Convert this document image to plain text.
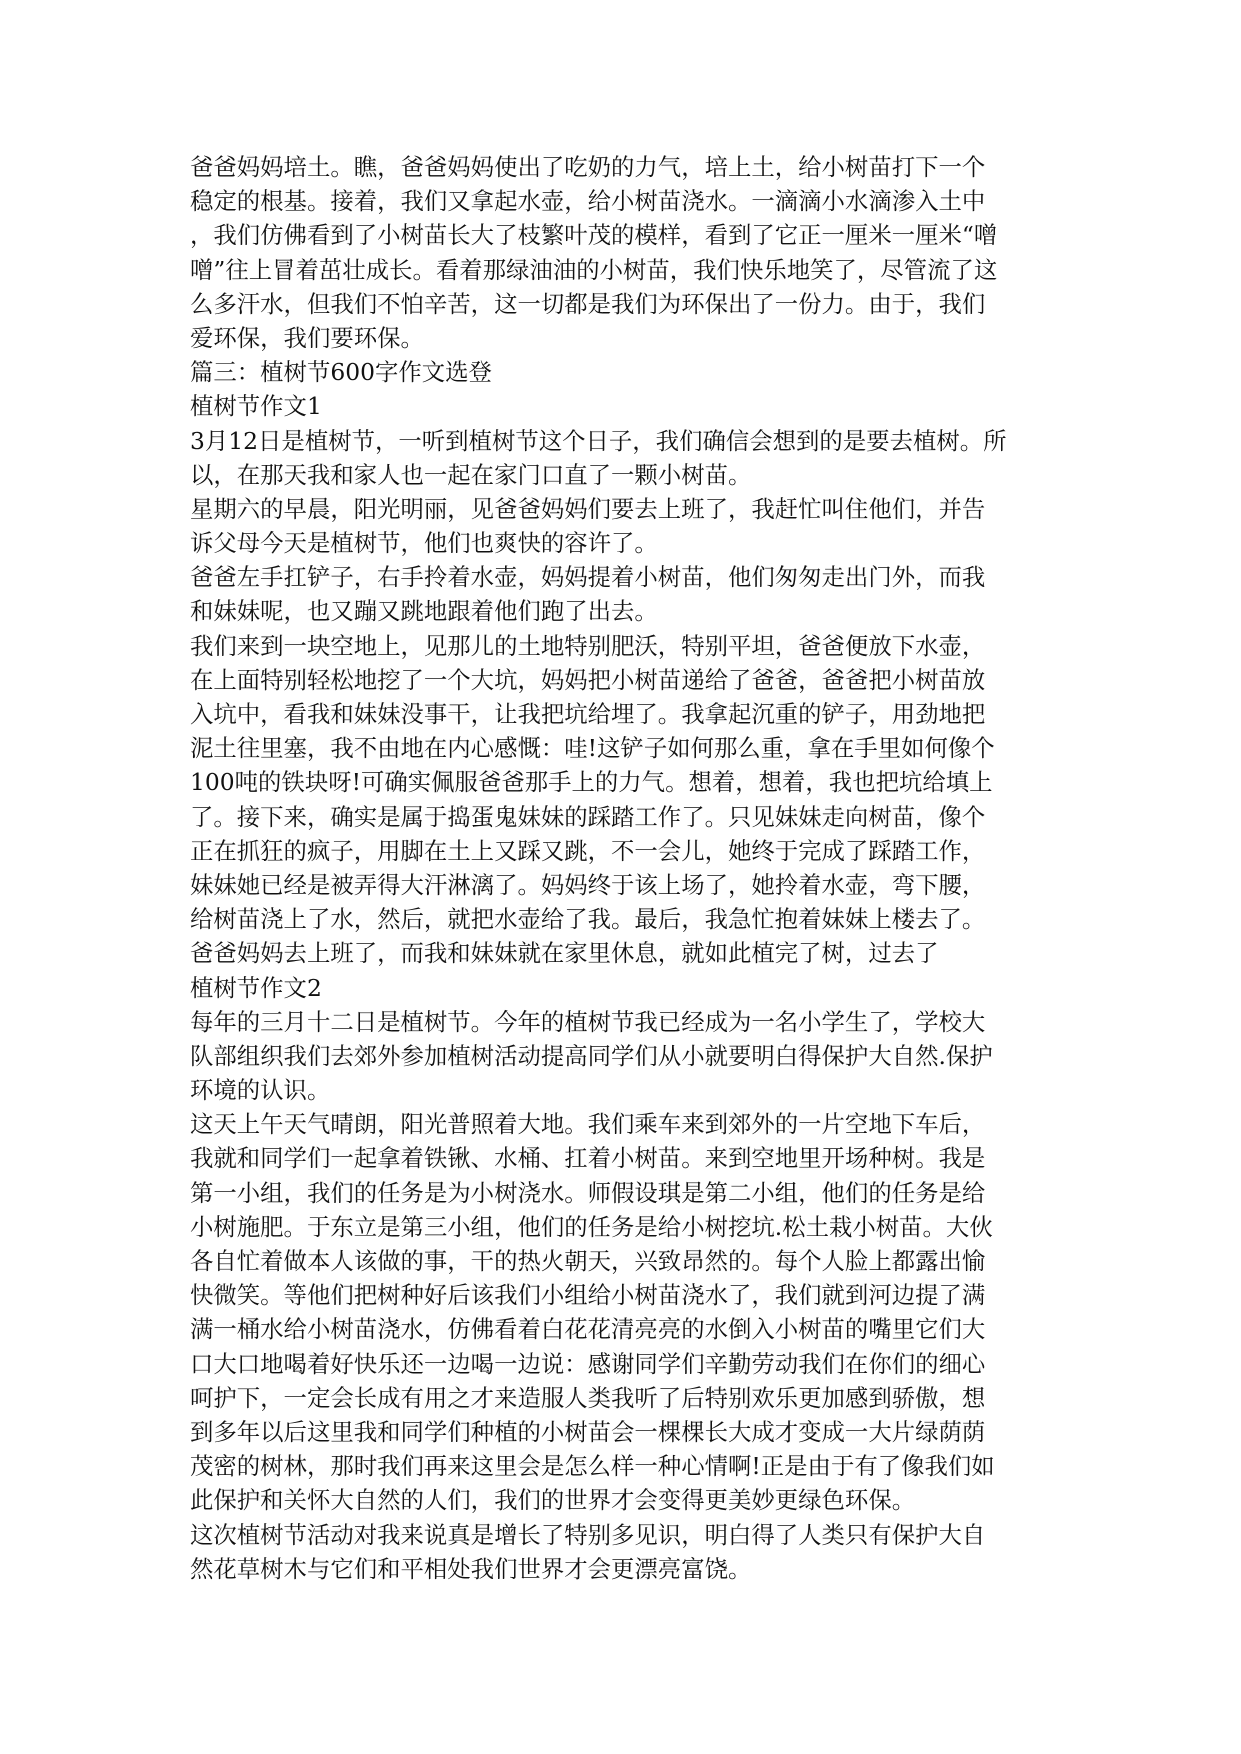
爸爸妈妈培土。瞧，爸爸妈妈使出了吃奶的力气，培上土，给小树苗打下一个
稳定的根基。接着，我们又拿起水壶，给小树苗浇水。一滴滴小水滴渗入土中
，我们仿佛看到了小树苗长大了枝繁叶茂的模样，看到了它正一厘米一厘米“噌
噌”往上冒着茁壮成长。看着那绿油油的小树苗，我们快乐地笑了，尽管流了这
么多汗水，但我们不怕辛苦，这一切都是我们为环保出了一份力。由于，我们
爱环保，我们要环保。
篇三：植树节600字作文选登
植树节作文1
3月12日是植树节，一听到植树节这个日子，我们确信会想到的是要去植树。所
以，在那天我和家人也一起在家门口直了一颗小树苗。
星期六的早晨，阳光明丽，见爸爸妈妈们要去上班了，我赶忙叫住他们，并告
诉父母今天是植树节，他们也爽快的容许了。
爸爸左手扛铲子，右手拎着水壶，妈妈提着小树苗，他们匆匆走出门外，而我
和妹妹呢，也又蹦又跳地跟着他们跑了出去。
我们来到一块空地上，见那儿的土地特别肥沃，特别平坦，爸爸便放下水壶，
在上面特别轻松地挖了一个大坑，妈妈把小树苗递给了爸爸，爸爸把小树苗放
入坑中，看我和妹妹没事干，让我把坑给埋了。我拿起沉重的铲子，用劲地把
泥土往里塞，我不由地在内心感慨：哇!这铲子如何那么重，拿在手里如何像个
100吨的铁块呀!可确实佩服爸爸那手上的力气。想着，想着，我也把坑给填上
了。接下来，确实是属于捣蛋鬼妹妹的踩踏工作了。只见妹妹走向树苗，像个
正在抓狂的疯子，用脚在土上又踩又跳，不一会儿，她终于完成了踩踏工作，
妹妹她已经是被弄得大汗淋漓了。妈妈终于该上场了，她拎着水壶，弯下腰，
给树苗浇上了水，然后，就把水壶给了我。最后，我急忙抱着妹妹上楼去了。
爸爸妈妈去上班了，而我和妹妹就在家里休息，就如此植完了树，过去了
植树节作文2
每年的三月十二日是植树节。今年的植树节我已经成为一名小学生了，学校大
队部组织我们去郊外参加植树活动提高同学们从小就要明白得保护大自然.保护
环境的认识。
这天上午天气晴朗，阳光普照着大地。我们乘车来到郊外的一片空地下车后，
我就和同学们一起拿着铁锹、水桶、扛着小树苗。来到空地里开场种树。我是
第一小组，我们的任务是为小树浇水。师假设琪是第二小组，他们的任务是给
小树施肥。于东立是第三小组，他们的任务是给小树挖坑.松土栽小树苗。大伙
各自忙着做本人该做的事，干的热火朝天，兴致昂然的。每个人脸上都露出愉
快微笑。等他们把树种好后该我们小组给小树苗浇水了，我们就到河边提了满
满一桶水给小树苗浇水，仿佛看着白花花清亮亮的水倒入小树苗的嘴里它们大
口大口地喝着好快乐还一边喝一边说：感谢同学们辛勤劳动我们在你们的细心
呵护下，一定会长成有用之才来造服人类我听了后特别欢乐更加感到骄傲，想
到多年以后这里我和同学们种植的小树苗会一棵棵长大成才变成一大片绿荫荫
茂密的树林，那时我们再来这里会是怎么样一种心情啊!正是由于有了像我们如
此保护和关怀大自然的人们，我们的世界才会变得更美妙更绿色环保。
这次植树节活动对我来说真是增长了特别多见识，明白得了人类只有保护大自
然花草树木与它们和平相处我们世界才会更漂亮富饶。
